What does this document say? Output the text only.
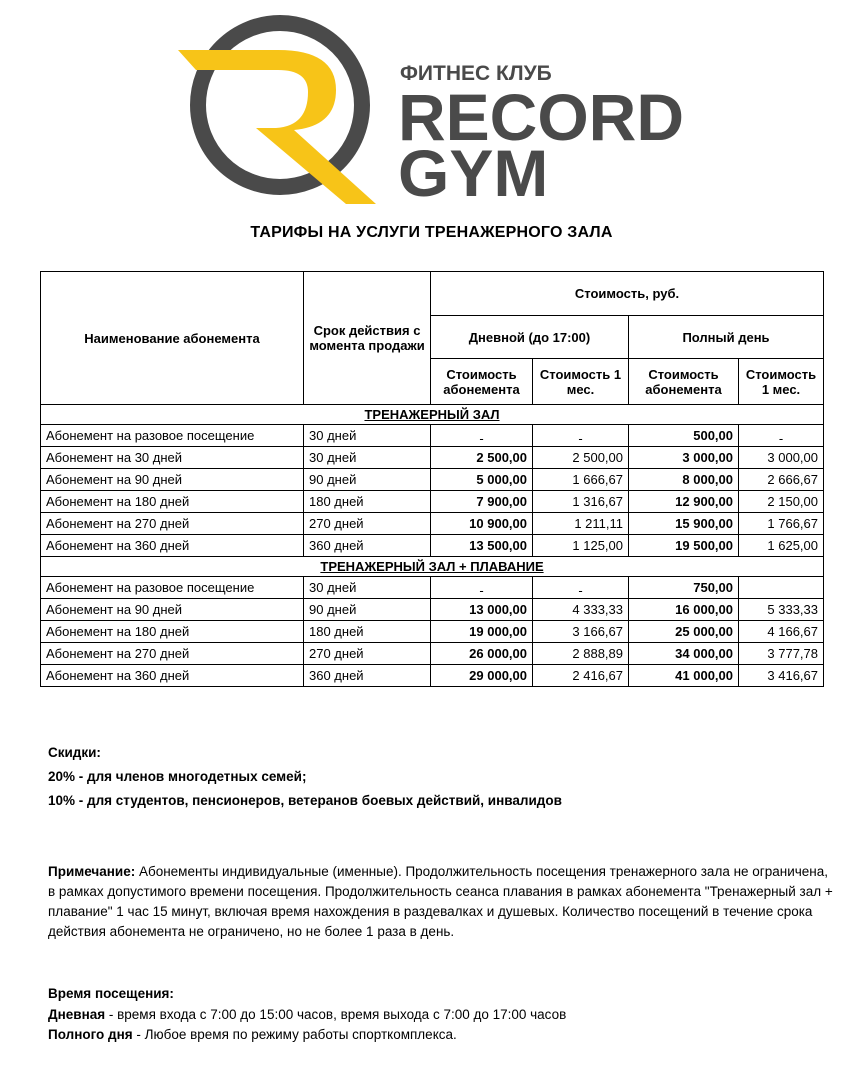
ФИТНЕС КЛУБ
RECORD
GYM
ТАРИФЫ НА УСЛУГИ ТРЕНАЖЕРНОГО ЗАЛА
Наименование абонемента	Срок действия с момента продажи	Стоимость, руб.			
		Дневной (до 17:00)		Полный день	
		Стоимость абонемента	Стоимость 1 мес.	Стоимость абонемента	Стоимость 1 мес.
ТРЕНАЖЕРНЫЙ ЗАЛ					
Абонемент на разовое посещение	30 дней	-	-	500,00	-
Абонемент на 30 дней	30 дней	2 500,00	2 500,00	3 000,00	3 000,00
Абонемент на 90 дней	90 дней	5 000,00	1 666,67	8 000,00	2 666,67
Абонемент на 180 дней	180 дней	7 900,00	1 316,67	12 900,00	2 150,00
Абонемент на 270 дней	270 дней	10 900,00	1 211,11	15 900,00	1 766,67
Абонемент на 360 дней	360 дней	13 500,00	1 125,00	19 500,00	1 625,00
ТРЕНАЖЕРНЫЙ ЗАЛ + ПЛАВАНИЕ					
Абонемент на разовое посещение	30 дней	-	-	750,00	
Абонемент на 90 дней	90 дней	13 000,00	4 333,33	16 000,00	5 333,33
Абонемент на 180 дней	180 дней	19 000,00	3 166,67	25 000,00	4 166,67
Абонемент на 270 дней	270 дней	26 000,00	2 888,89	34 000,00	3 777,78
Абонемент на 360 дней	360 дней	29 000,00	2 416,67	41 000,00	3 416,67
Скидки:
20% - для членов многодетных семей;
10% - для студентов, пенсионеров, ветеранов боевых действий, инвалидов
Примечание: Абонементы индивидуальные (именные). Продолжительность посещения тренажерного зала не ограничена, в рамках допустимого времени посещения. Продолжительность сеанса плавания в рамках абонемента "Тренажерный зал + плавание" 1 час 15 минут, включая время нахождения в раздевалках и душевых. Количество посещений в течение срока действия абонемента не ограничено, но не более 1 раза в день.
Время посещения:
Дневная - время входа с 7:00 до 15:00 часов, время выхода с 7:00 до 17:00 часов
Полного дня - Любое время по режиму работы спорткомплекса.
